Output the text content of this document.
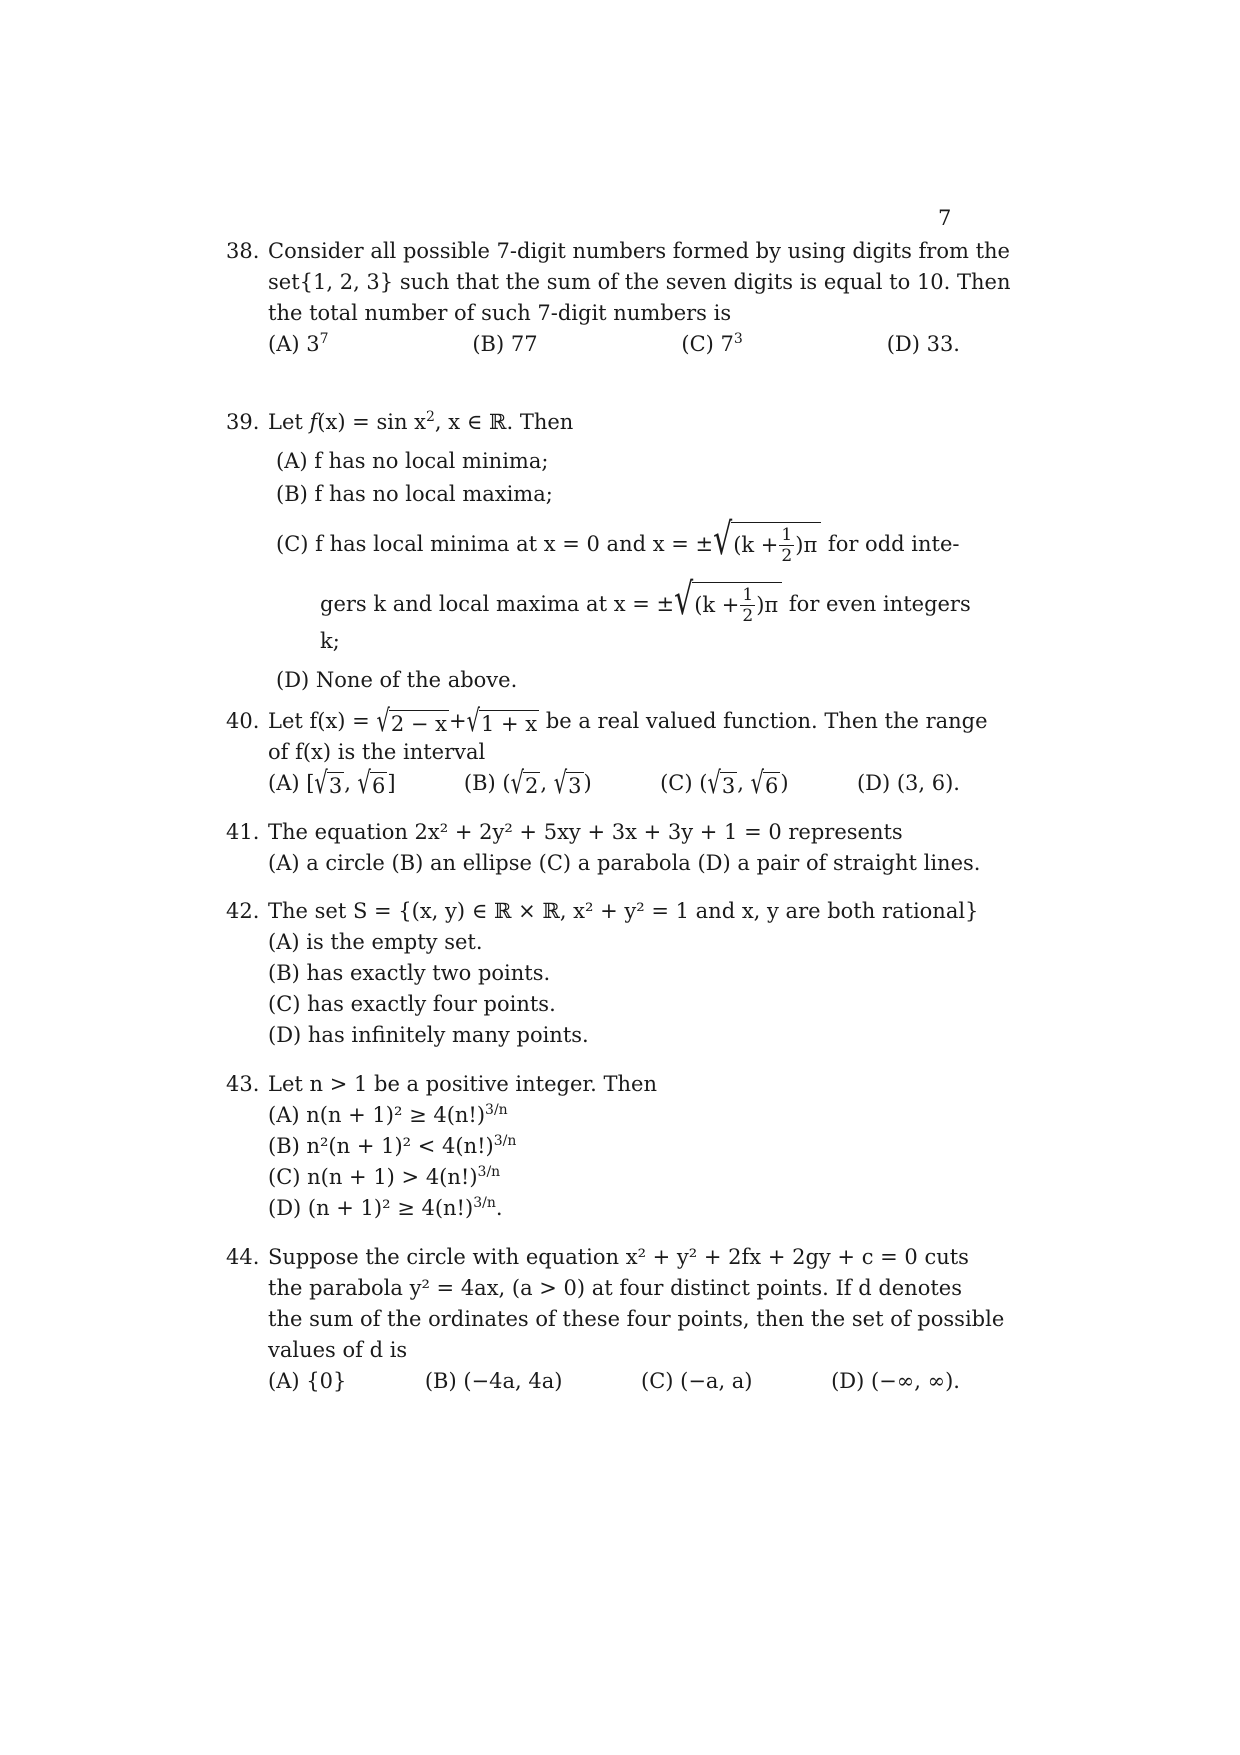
7
38. Consider all possible 7-digit numbers formed by using digits from the
set{1, 2, 3} such that the sum of the seven digits is equal to 10. Then
the total number of such 7-digit numbers is
(A) $3^7$	(B) 77	(C) $7^3$	(D) 33.
39. Let $f(x) = \sin x^2$, x ∈ ℝ. Then
(A) f has no local minima;
(B) f has no local maxima;
(C) f has local minima at x = 0 and x = ± √ $(k + \frac{1}{2} )\pi$ for odd inte-
gers k and local maxima at x = ± √ $(k + \frac{1}{2} )\pi$ for even integers
k;
(D) None of the above.
40. Let f(x) = √ 2 − x + √ 1 + x be a real valued function. Then the range
of f(x) is the interval
(A) [ √ 3 , √ 6 ]	(B) ( √ 2 , √ 3 )	(C) ( √ 3 , √ 6 )	(D) (3, 6).
41. The equation 2x² + 2y² + 5xy + 3x + 3y + 1 = 0 represents
(A) a circle (B) an ellipse (C) a parabola (D) a pair of straight lines.
42. The set S = {(x, y) ∈ ℝ × ℝ, x² + y² = 1 and x, y are both rational}
(A) is the empty set.
(B) has exactly two points.
(C) has exactly four points.
(D) has infinitely many points.
43. Let n > 1 be a positive integer. Then
(A) $n(n + 1)^2 \ge 4(n!)^{3/n}$
(B) $n^2(n + 1)^2 < 4(n!)^{3/n}$
(C) $n(n + 1) > 4(n!)^{3/n}$
(D) $(n + 1)^2 \ge 4(n!)^{3/n}$.
44. Suppose the circle with equation x² + y² + 2fx + 2gy + c = 0 cuts
the parabola y² = 4ax, (a > 0) at four distinct points. If d denotes
the sum of the ordinates of these four points, then the set of possible
values of d is
(A) {0}	(B) (−4a, 4a)	(C) (−a, a)	(D) (−∞, ∞).
